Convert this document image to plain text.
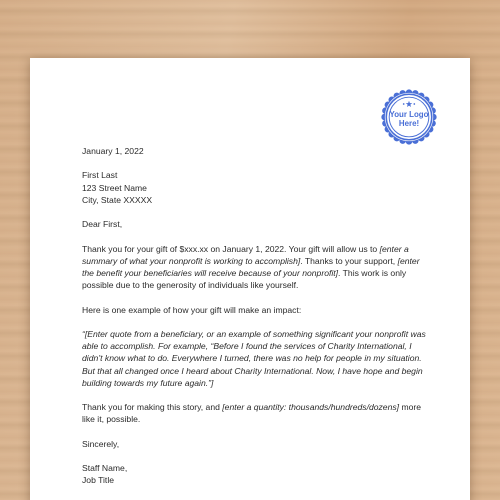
Your Logo
Here!

January 1, 2022

First Last
123 Street Name
City, State XXXXX

Dear First,

Thank you for your gift of $xxx.xx on January 1, 2022. Your gift will allow us to [enter a summary of what your nonprofit is working to accomplish]. Thanks to your support, [enter the benefit your beneficiaries will receive because of your nonprofit]. This work is only possible due to the generosity of individuals like yourself.

Here is one example of how your gift will make an impact:

“[Enter quote from a beneficiary, or an example of something significant your nonprofit was able to accomplish. For example, “Before I found the services of Charity International, I didn’t know what to do. Everywhere I turned, there was no help for people in my situation. But that all changed once I heard about Charity International. Now, I have hope and begin building towards my future again.”]

Thank you for making this story, and [enter a quantity: thousands/hundreds/dozens] more like it, possible.

Sincerely,

Staff Name,
Job Title
